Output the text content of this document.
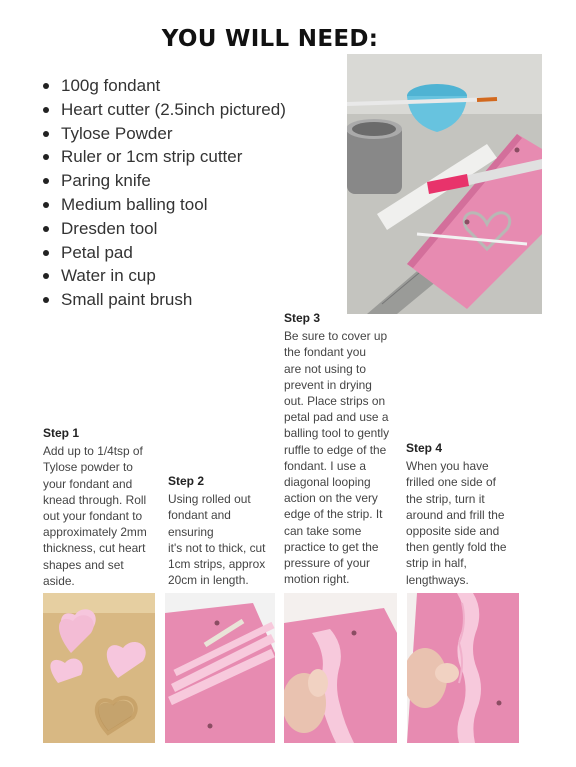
YOU WILL NEED:
100g fondant
Heart cutter (2.5inch pictured)
Tylose Powder
Ruler or 1cm strip cutter
Paring knife
Medium balling tool
Dresden tool
Petal pad
Water in cup
Small paint brush
Step 1

Add up to 1/4tsp of

Tylose powder to

your fondant and

knead through. Roll

out your fondant to

approximately 2mm

thickness, cut heart

shapes and set

aside.

Step 2

Using rolled out

fondant and

ensuring

it's not to thick, cut

1cm strips, approx

20cm in length.

Step 3

Be sure to cover up

the fondant you

are not using to

prevent in drying

out. Place strips on

petal pad and use a

balling tool to gently

ruffle to edge of the

fondant. I use a

diagonal looping

action on the very

edge of the strip. It

can take some

practice to get the

pressure of your

motion right.

Step 4

When you have

frilled one side of

the strip, turn it

around and frill the

opposite side and

then gently fold the

strip in half,

lengthways.
